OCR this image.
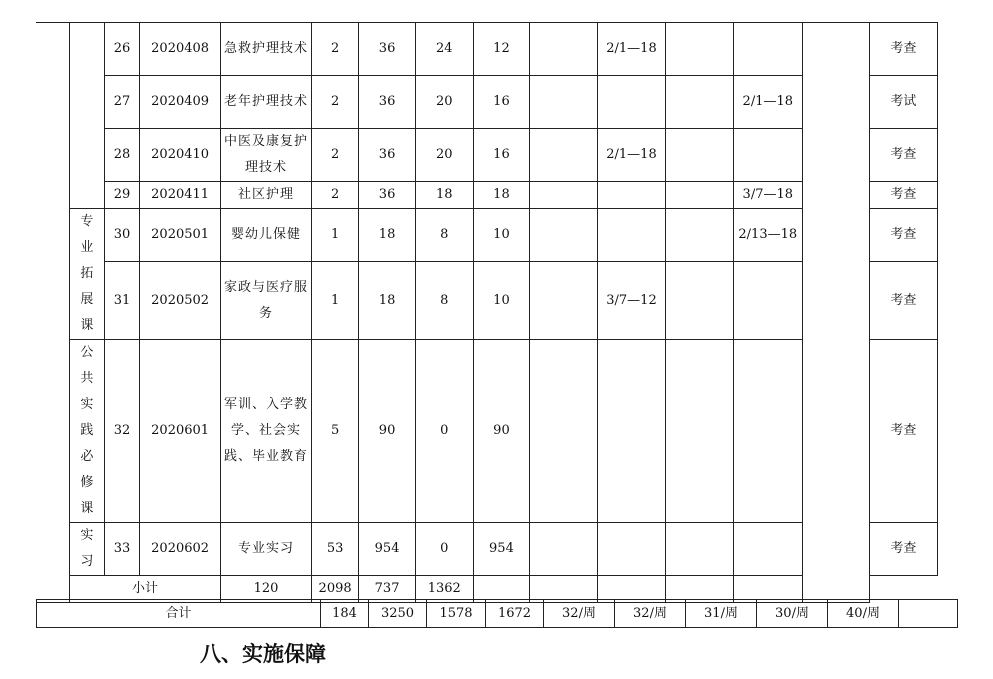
		26	2020408	急救护理技术	2	36	24	12		2/1—18				考查
		27	2020409	老年护理技术	2	36	20	16				2/1—18		考试
		28	2020410	中医及康复护理技术	2	36	20	16		2/1—18				考查
		29	2020411	社区护理	2	36	18	18				3/7—18		考查

	专业拓展课	30	2020501	婴幼儿保健	1	18	8	10				2/13—18		考查
		31	2020502	家政与医疗服务	1	18	8	10		3/7—12				考查

	公共实践必修课	32	2020601	军训、入学教学、社会实践、毕业教育	5	90	0	90						考查

	实习	33	2020602	专业实习	53	954	0	954						考查
	小计			120	2098	737	1362							
合计	184	3250	1578	1672	32/周	32/周	31/周	30/周	40/周	
八、实施保障
